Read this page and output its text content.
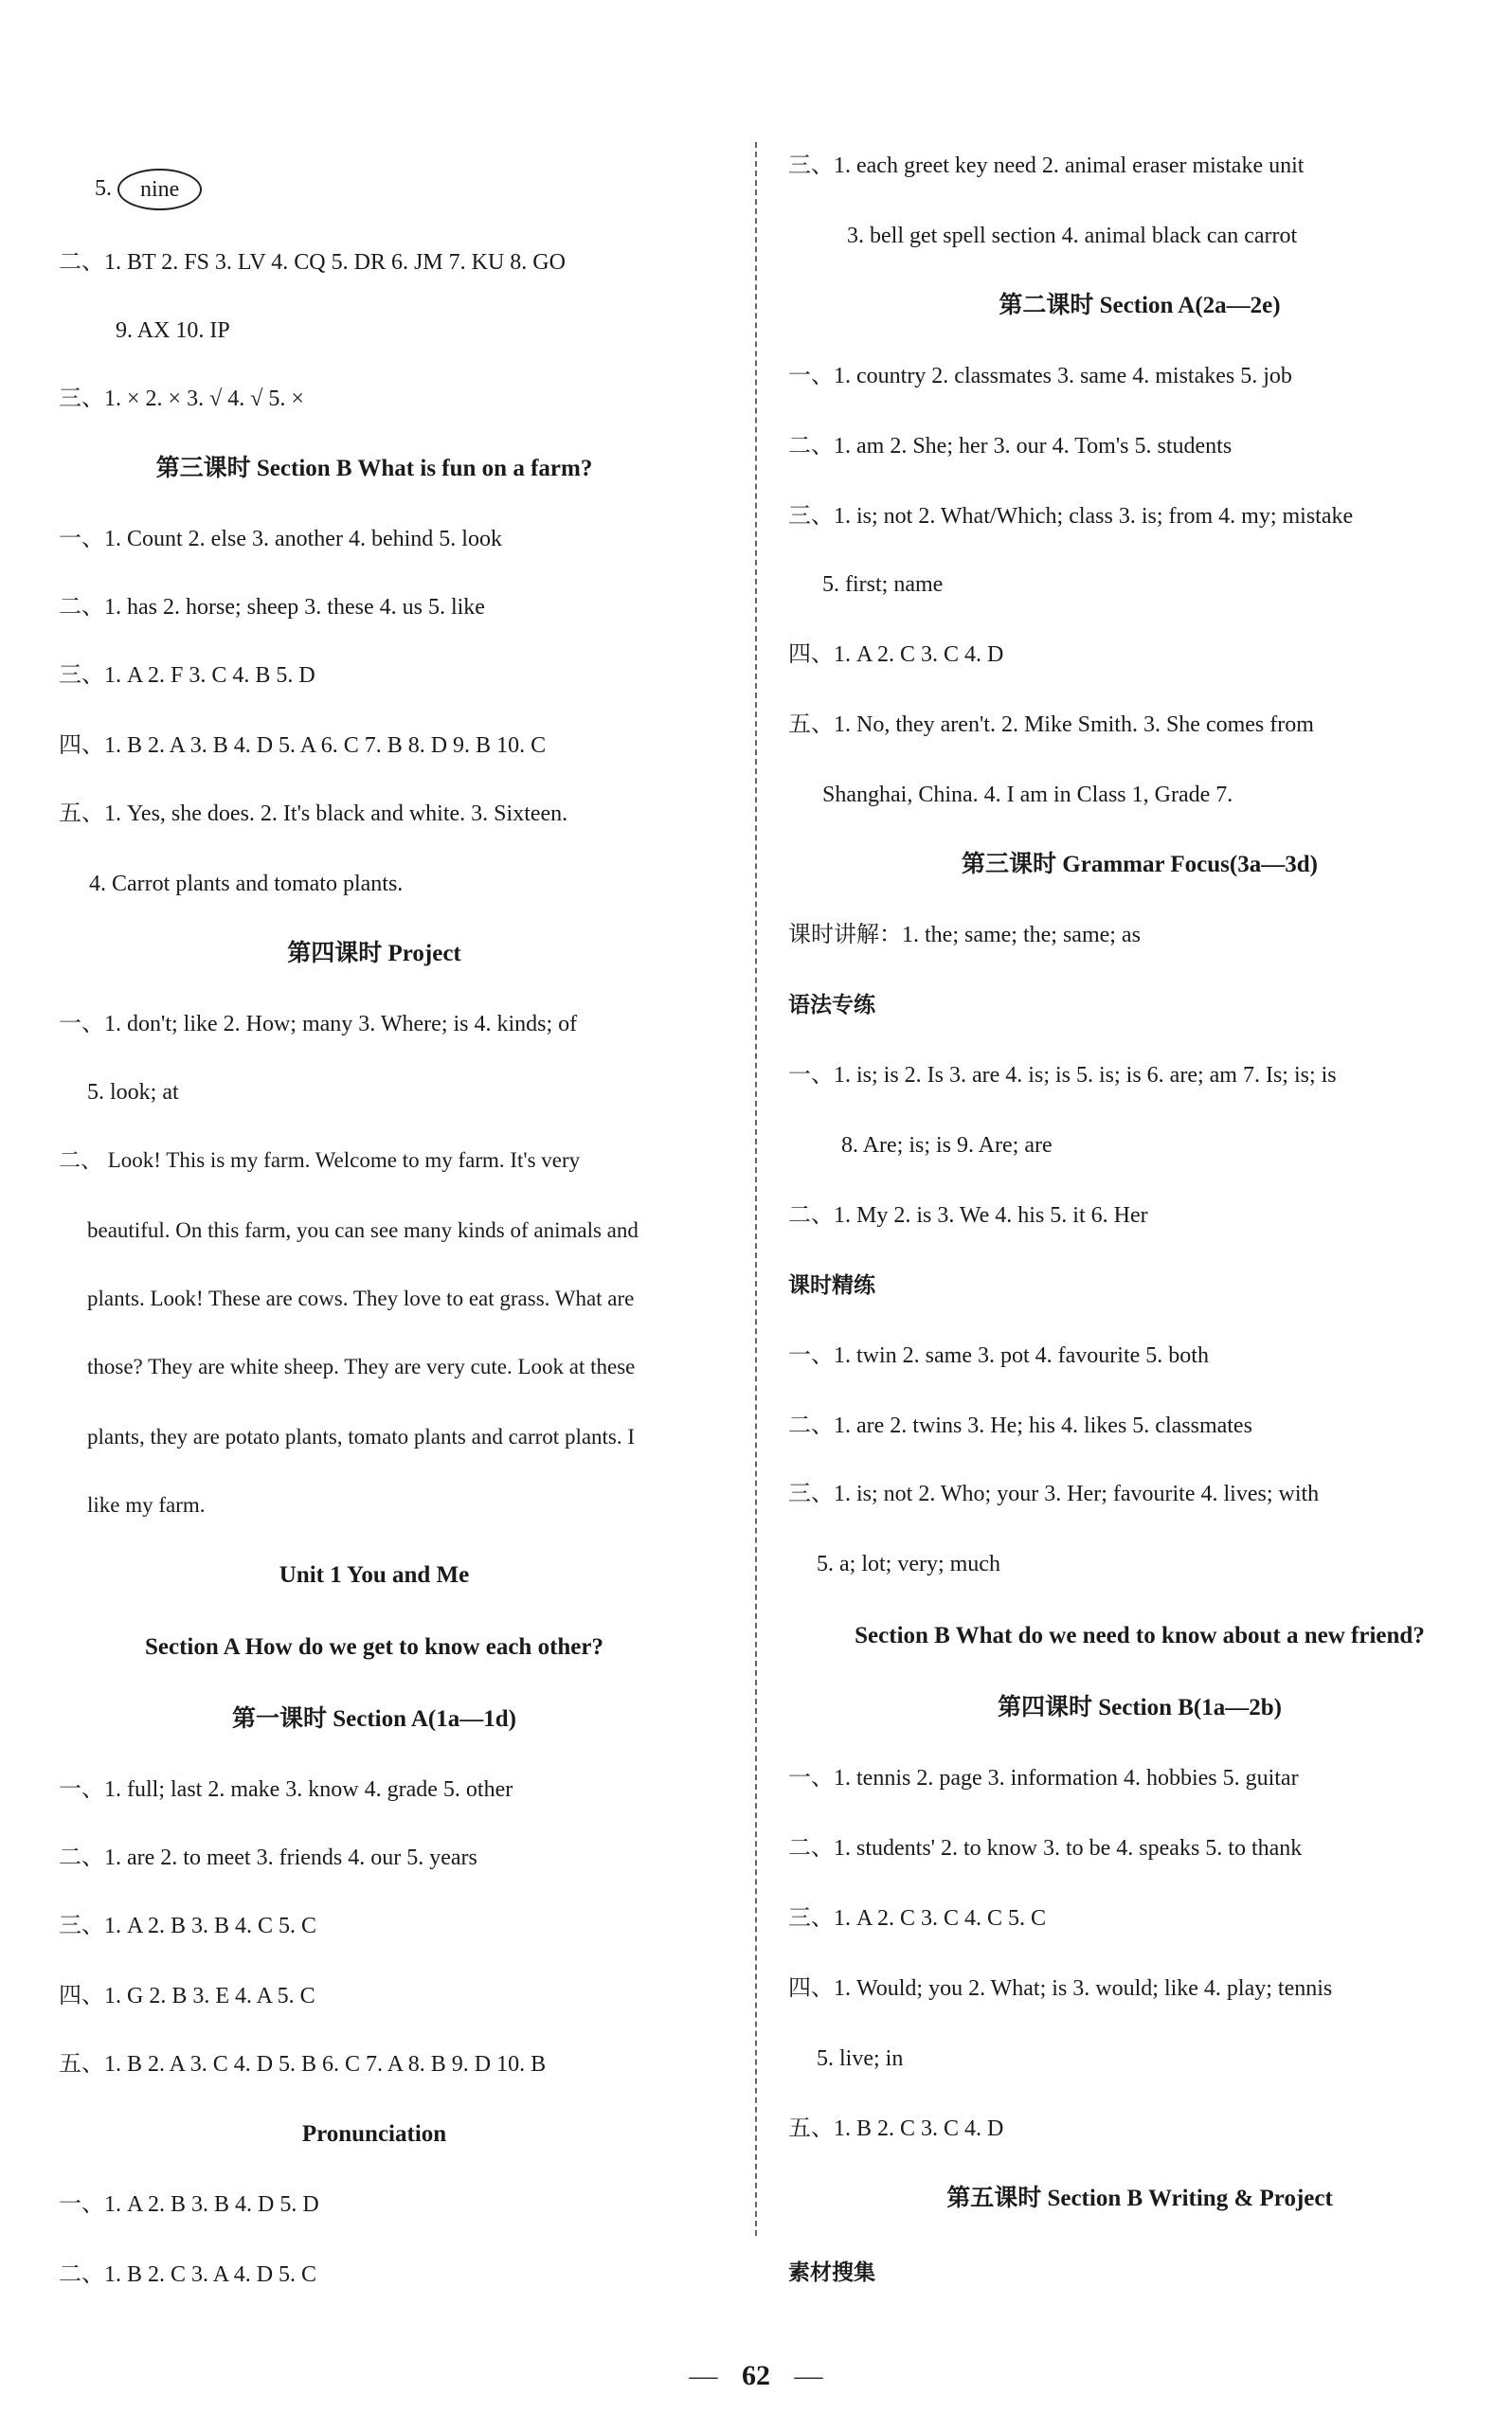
5. nine
二、1. BT 2. FS 3. LV 4. CQ 5. DR 6. JM 7. KU 8. GO
9. AX 10. IP
三、1. × 2. × 3. √ 4. √ 5. ×
第三课时 Section B What is fun on a farm?
一、1. Count 2. else 3. another 4. behind 5. look
二、1. has 2. horse; sheep 3. these 4. us 5. like
三、1. A 2. F 3. C 4. B 5. D
四、1. B 2. A 3. B 4. D 5. A 6. C 7. B 8. D 9. B 10. C
五、1. Yes, she does. 2. It's black and white. 3. Sixteen.
4. Carrot plants and tomato plants.
第四课时 Project
一、1. don't; like 2. How; many 3. Where; is 4. kinds; of
5. look; at
二、 Look! This is my farm. Welcome to my farm. It's very
beautiful. On this farm, you can see many kinds of animals and
plants. Look! These are cows. They love to eat grass. What are
those? They are white sheep. They are very cute. Look at these
plants, they are potato plants, tomato plants and carrot plants. I
like my farm.
Unit 1 You and Me
Section A How do we get to know each other?
第一课时 Section A(1a—1d)
一、1. full; last 2. make 3. know 4. grade 5. other
二、1. are 2. to meet 3. friends 4. our 5. years
三、1. A 2. B 3. B 4. C 5. C
四、1. G 2. B 3. E 4. A 5. C
五、1. B 2. A 3. C 4. D 5. B 6. C 7. A 8. B 9. D 10. B
Pronunciation
一、1. A 2. B 3. B 4. D 5. D
二、1. B 2. C 3. A 4. D 5. C
三、1. each greet key need 2. animal eraser mistake unit
3. bell get spell section 4. animal black can carrot
第二课时 Section A(2a—2e)
一、1. country 2. classmates 3. same 4. mistakes 5. job
二、1. am 2. She; her 3. our 4. Tom's 5. students
三、1. is; not 2. What/Which; class 3. is; from 4. my; mistake
5. first; name
四、1. A 2. C 3. C 4. D
五、1. No, they aren't. 2. Mike Smith. 3. She comes from
Shanghai, China. 4. I am in Class 1, Grade 7.
第三课时 Grammar Focus(3a—3d)
课时讲解：1. the; same; the; same; as
语法专练
一、1. is; is 2. Is 3. are 4. is; is 5. is; is 6. are; am 7. Is; is; is
8. Are; is; is 9. Are; are
二、1. My 2. is 3. We 4. his 5. it 6. Her
课时精练
一、1. twin 2. same 3. pot 4. favourite 5. both
二、1. are 2. twins 3. He; his 4. likes 5. classmates
三、1. is; not 2. Who; your 3. Her; favourite 4. lives; with
5. a; lot; very; much
Section B What do we need to know about a new friend?
第四课时 Section B(1a—2b)
一、1. tennis 2. page 3. information 4. hobbies 5. guitar
二、1. students' 2. to know 3. to be 4. speaks 5. to thank
三、1. A 2. C 3. C 4. C 5. C
四、1. Would; you 2. What; is 3. would; like 4. play; tennis
5. live; in
五、1. B 2. C 3. C 4. D
第五课时 Section B Writing & Project
素材搜集
— 62 —
